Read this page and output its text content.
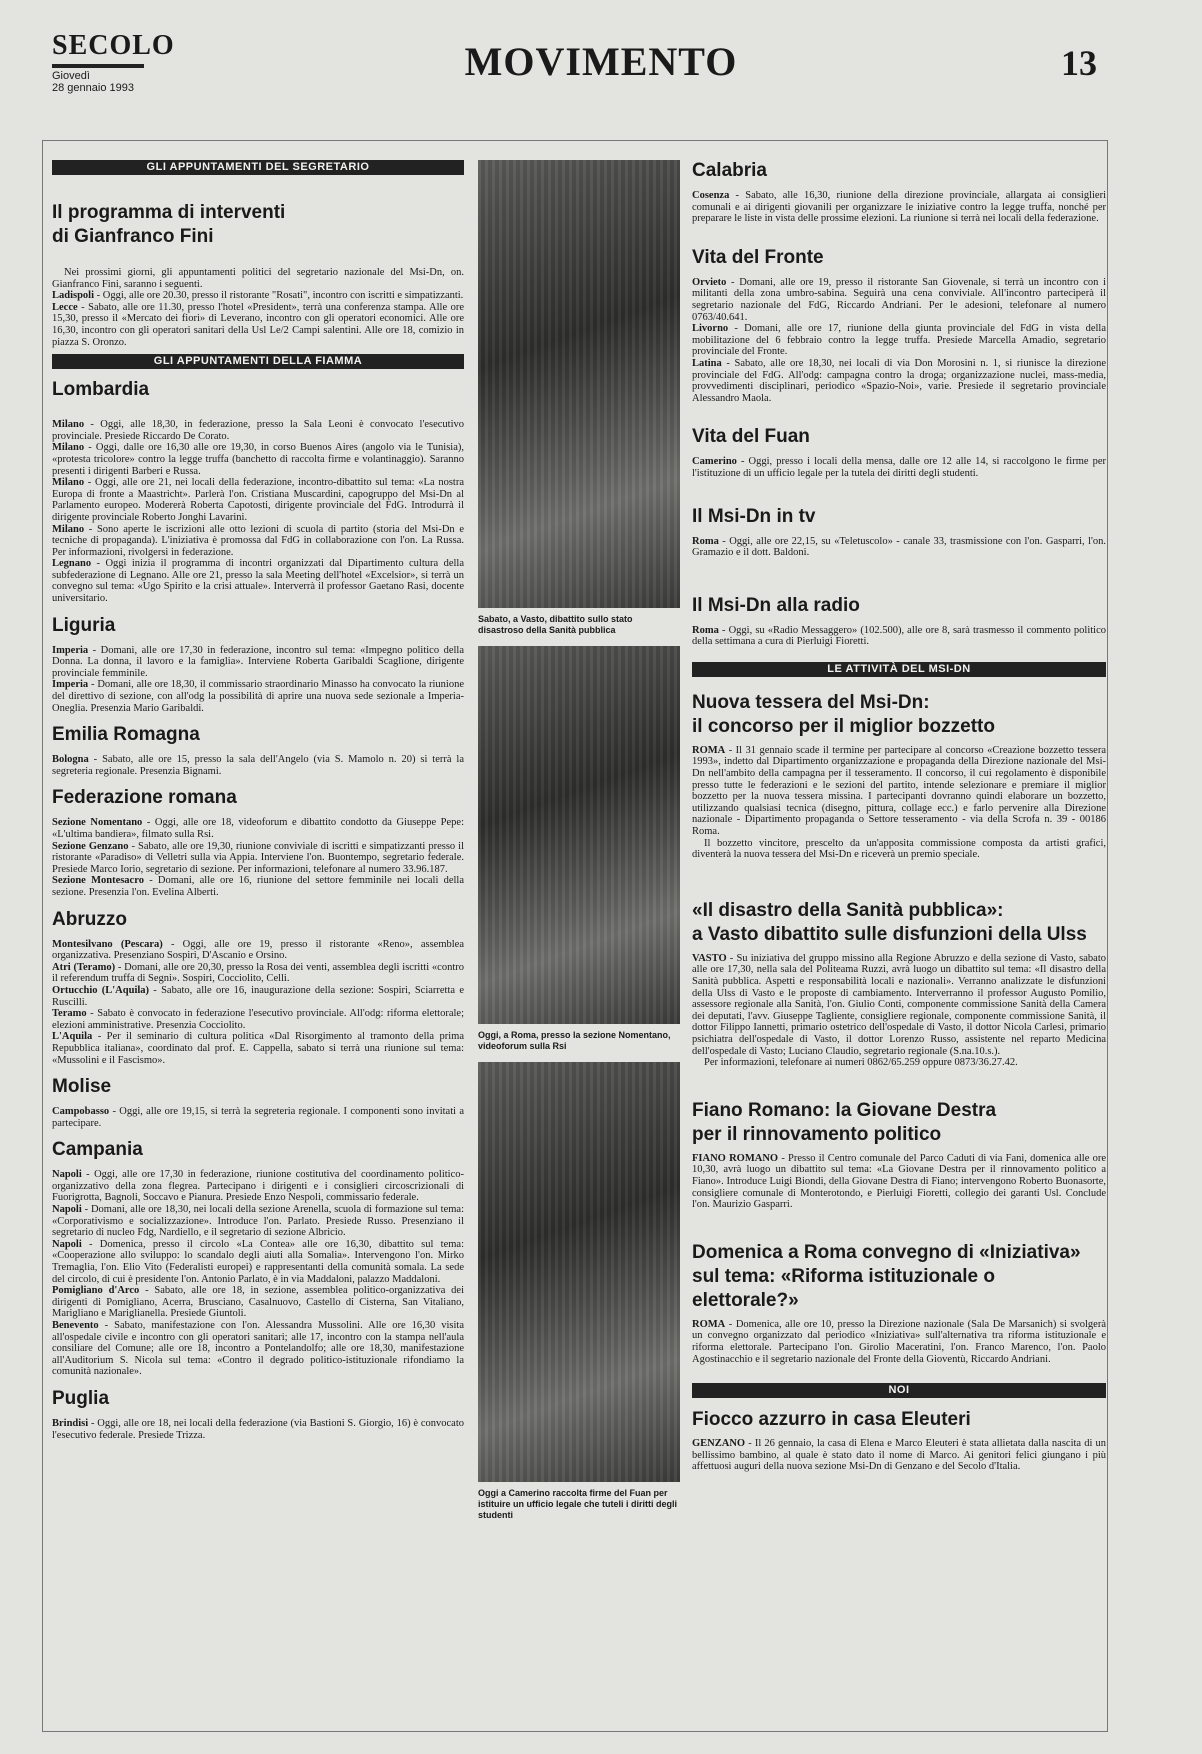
SECOLO
Giovedì
28 gennaio 1993
MOVIMENTO	13
GLI APPUNTAMENTI DEL SEGRETARIO
Il programma di interventi
di Gianfranco Fini

Nei prossimi giorni, gli appuntamenti politici del segretario nazionale del Msi-Dn, on. Gianfranco Fini, saranno i seguenti.

Ladispoli - Oggi, alle ore 20.30, presso il ristorante "Rosati", incontro con iscritti e simpatizzanti.

Lecce - Sabato, alle ore 11.30, presso l'hotel «President», terrà una conferenza stampa. Alle ore 15,30, presso il «Mercato dei fiori» di Leverano, incontro con gli operatori economici. Alle ore 16,30, incontro con gli operatori sanitari della Usl Le/2 Campi salentini. Alle ore 18, comizio in piazza S. Oronzo.

GLI APPUNTAMENTI DELLA FIAMMA
Lombardia

Milano - Oggi, alle 18,30, in federazione, presso la Sala Leoni è convocato l'esecutivo provinciale. Presiede Riccardo De Corato.

Milano - Oggi, dalle ore 16,30 alle ore 19,30, in corso Buenos Aires (angolo via le Tunisia), «protesta tricolore» contro la legge truffa (banchetto di raccolta firme e volantinaggio). Saranno presenti i dirigenti Barberi e Russa.

Milano - Oggi, alle ore 21, nei locali della federazione, incontro-dibattito sul tema: «La nostra Europa di fronte a Maastricht». Parlerà l'on. Cristiana Muscardini, capogruppo del Msi-Dn al Parlamento europeo. Modererà Roberta Capotosti, dirigente provinciale del FdG. Introdurrà il dirigente provinciale Roberto Jonghi Lavarini.

Milano - Sono aperte le iscrizioni alle otto lezioni di scuola di partito (storia del Msi-Dn e tecniche di propaganda). L'iniziativa è promossa dal FdG in collaborazione con l'on. La Russa. Per informazioni, rivolgersi in federazione.

Legnano - Oggi inizia il programma di incontri organizzati dal Dipartimento cultura della subfederazione di Legnano. Alle ore 21, presso la sala Meeting dell'hotel «Excelsior», si terrà un convegno sul tema: «Ugo Spirito e la crisi attuale». Interverrà il professor Gaetano Rasi, docente universitario.

Liguria

Imperia - Domani, alle ore 17,30 in federazione, incontro sul tema: «Impegno politico della Donna. La donna, il lavoro e la famiglia». Interviene Roberta Garibaldi Scaglione, dirigente provinciale femminile.

Imperia - Domani, alle ore 18,30, il commissario straordinario Minasso ha convocato la riunione del direttivo di sezione, con all'odg la possibilità di aprire una nuova sede sezionale a Imperia-Oneglia. Presenzia Mario Garibaldi.

Emilia Romagna

Bologna - Sabato, alle ore 15, presso la sala dell'Angelo (via S. Mamolo n. 20) si terrà la segreteria regionale. Presenzia Bignami.

Federazione romana

Sezione Nomentano - Oggi, alle ore 18, videoforum e dibattito condotto da Giuseppe Pepe: «L'ultima bandiera», filmato sulla Rsi.

Sezione Genzano - Sabato, alle ore 19,30, riunione conviviale di iscritti e simpatizzanti presso il ristorante «Paradiso» di Velletri sulla via Appia. Interviene l'on. Buontempo, segretario federale. Presiede Marco Iorio, segretario di sezione. Per informazioni, telefonare al numero 33.96.187.

Sezione Montesacro - Domani, alle ore 16, riunione del settore femminile nei locali della sezione. Presenzia l'on. Evelina Alberti.

Abruzzo

Montesilvano (Pescara) - Oggi, alle ore 19, presso il ristorante «Reno», assemblea organizzativa. Presenziano Sospiri, D'Ascanio e Orsino.

Atri (Teramo) - Domani, alle ore 20,30, presso la Rosa dei venti, assemblea degli iscritti «contro il referendum truffa di Segni». Sospiri, Cocciolito, Celli.

Ortucchio (L'Aquila) - Sabato, alle ore 16, inaugurazione della sezione: Sospiri, Sciarretta e Ruscilli.

Teramo - Sabato è convocato in federazione l'esecutivo provinciale. All'odg: riforma elettorale; elezioni amministrative. Presenzia Cocciolito.

L'Aquila - Per il seminario di cultura politica «Dal Risorgimento al tramonto della prima Repubblica italiana», coordinato dal prof. E. Cappella, sabato si terrà una riunione sul tema: «Mussolini e il Fascismo».

Molise

Campobasso - Oggi, alle ore 19,15, si terrà la segreteria regionale. I componenti sono invitati a partecipare.

Campania

Napoli - Oggi, alle ore 17,30 in federazione, riunione costitutiva del coordinamento politico-organizzativo della zona flegrea. Partecipano i dirigenti e i consiglieri circoscrizionali di Fuorigrotta, Bagnoli, Soccavo e Pianura. Presiede Enzo Nespoli, commissario federale.

Napoli - Domani, alle ore 18,30, nei locali della sezione Arenella, scuola di formazione sul tema: «Corporativismo e socializzazione». Introduce l'on. Parlato. Presiede Russo. Presenziano il segretario di nucleo Fdg, Nardiello, e il segretario di sezione Albricio.

Napoli - Domenica, presso il circolo «La Contea» alle ore 16,30, dibattito sul tema: «Cooperazione allo sviluppo: lo scandalo degli aiuti alla Somalia». Intervengono l'on. Mirko Tremaglia, l'on. Elio Vito (Federalisti europei) e rappresentanti della comunità somala. La sede del circolo, di cui è presidente l'on. Antonio Parlato, è in via Maddaloni, palazzo Maddaloni.

Pomigliano d'Arco - Sabato, alle ore 18, in sezione, assemblea politico-organizzativa dei dirigenti di Pomigliano, Acerra, Brusciano, Casalnuovo, Castello di Cisterna, San Vitaliano, Marigliano e Mariglianella. Presiede Giuntoli.

Benevento - Sabato, manifestazione con l'on. Alessandra Mussolini. Alle ore 16,30 visita all'ospedale civile e incontro con gli operatori sanitari; alle 17, incontro con la stampa nell'aula consiliare del Comune; alle ore 18, incontro a Pontelandolfo; alle ore 18,30, manifestazione all'Auditorium S. Nicola sul tema: «Contro il degrado politico-istituzionale rifondiamo la comunità nazionale».

Puglia

Brindisi - Oggi, alle ore 18, nei locali della federazione (via Bastioni S. Giorgio, 16) è convocato l'esecutivo federale. Presiede Trizza.

Sabato, a Vasto, dibattito sullo stato disastroso della Sanità pubblica
Oggi, a Roma, presso la sezione Nomentano, videoforum sulla Rsi
Oggi a Camerino raccolta firme del Fuan per istituire un ufficio legale che tuteli i diritti degli studenti
Calabria

Cosenza - Sabato, alle 16,30, riunione della direzione provinciale, allargata ai consiglieri comunali e ai dirigenti giovanili per organizzare le iniziative contro la legge truffa, nonché per preparare le liste in vista delle prossime elezioni. La riunione si terrà nei locali della federazione.

Vita del Fronte

Orvieto - Domani, alle ore 19, presso il ristorante San Giovenale, si terrà un incontro con i militanti della zona umbro-sabina. Seguirà una cena conviviale. All'incontro parteciperà il segretario nazionale del FdG, Riccardo Andriani. Per le adesioni, telefonare al numero 0763/40.641.

Livorno - Domani, alle ore 17, riunione della giunta provinciale del FdG in vista della mobilitazione del 6 febbraio contro la legge truffa. Presiede Marcella Amadio, segretario provinciale del Fronte.

Latina - Sabato, alle ore 18,30, nei locali di via Don Morosini n. 1, si riunisce la direzione provinciale del FdG. All'odg: campagna contro la droga; organizzazione nuclei, mass-media, provvedimenti disciplinari, periodico «Spazio-Noi», varie. Presiede il segretario provinciale Alessandro Maola.

Vita del Fuan

Camerino - Oggi, presso i locali della mensa, dalle ore 12 alle 14, si raccolgono le firme per l'istituzione di un ufficio legale per la tutela dei diritti degli studenti.

Il Msi-Dn in tv

Roma - Oggi, alle ore 22,15, su «Teletuscolo» - canale 33, trasmissione con l'on. Gasparri, l'on. Gramazio e il dott. Baldoni.

Il Msi-Dn alla radio

Roma - Oggi, su «Radio Messaggero» (102.500), alle ore 8, sarà trasmesso il commento politico della settimana a cura di Pierluigi Fioretti.

LE ATTIVITÀ DEL MSI-DN
Nuova tessera del Msi-Dn:
il concorso per il miglior bozzetto

ROMA - Il 31 gennaio scade il termine per partecipare al concorso «Creazione bozzetto tessera 1993», indetto dal Dipartimento organizzazione e propaganda della Direzione nazionale del Msi-Dn nell'ambito della campagna per il tesseramento. Il concorso, il cui regolamento è disponibile presso tutte le federazioni e le sezioni del partito, intende selezionare e premiare il miglior bozzetto per la nuova tessera missina. I partecipanti dovranno quindi elaborare un bozzetto, utilizzando qualsiasi tecnica (disegno, pittura, collage ecc.) e farlo pervenire alla Direzione nazionale - Dipartimento propaganda o Settore tesseramento - via della Scrofa n. 39 - 00186 Roma.

Il bozzetto vincitore, prescelto da un'apposita commissione composta da artisti grafici, diventerà la nuova tessera del Msi-Dn e riceverà un premio speciale.

«Il disastro della Sanità pubblica»:
a Vasto dibattito sulle disfunzioni della Ulss

VASTO - Su iniziativa del gruppo missino alla Regione Abruzzo e della sezione di Vasto, sabato alle ore 17,30, nella sala del Politeama Ruzzi, avrà luogo un dibattito sul tema: «Il disastro della Sanità pubblica. Aspetti e responsabilità locali e nazionali». Verranno analizzate le disfunzioni della Ulss di Vasto e le proposte di cambiamento. Interverranno il professor Augusto Pomilio, assessore regionale alla Sanità, l'on. Giulio Conti, componente commissione Sanità della Camera dei deputati, l'avv. Giuseppe Tagliente, consigliere regionale, componente commissione Sanità, il dottor Filippo Iannetti, primario ostetrico dell'ospedale di Vasto, il dottor Nicola Carlesi, primario psichiatra dell'ospedale di Vasto, il dottor Lorenzo Russo, assistente nel reparto Medicina dell'ospedale di Vasto; Luciano Claudio, segretario regionale (S.na.10.s.).

Per informazioni, telefonare ai numeri 0862/65.259 oppure 0873/36.27.42.

Fiano Romano: la Giovane Destra
per il rinnovamento politico

FIANO ROMANO - Presso il Centro comunale del Parco Caduti di via Fani, domenica alle ore 10,30, avrà luogo un dibattito sul tema: «La Giovane Destra per il rinnovamento politico a Fiano». Introduce Luigi Biondi, della Giovane Destra di Fiano; intervengono Roberto Buonasorte, consigliere comunale di Monterotondo, e Pierluigi Fioretti, collegio dei garanti Usl. Conclude l'on. Maurizio Gasparri.

Domenica a Roma convegno di «Iniziativa»
sul tema: «Riforma istituzionale o elettorale?»

ROMA - Domenica, alle ore 10, presso la Direzione nazionale (Sala De Marsanich) si svolgerà un convegno organizzato dal periodico «Iniziativa» sull'alternativa tra riforma istituzionale e riforma elettorale. Partecipano l'on. Girolio Maceratini, l'on. Franco Marenco, l'on. Paolo Agostinacchio e il segretario nazionale del Fronte della Gioventù, Riccardo Andriani.

NOI
Fiocco azzurro in casa Eleuteri

GENZANO - Il 26 gennaio, la casa di Elena e Marco Eleuteri è stata allietata dalla nascita di un bellissimo bambino, al quale è stato dato il nome di Marco. Ai genitori felici giungano i più affettuosi auguri della nuova sezione Msi-Dn di Genzano e del Secolo d'Italia.
